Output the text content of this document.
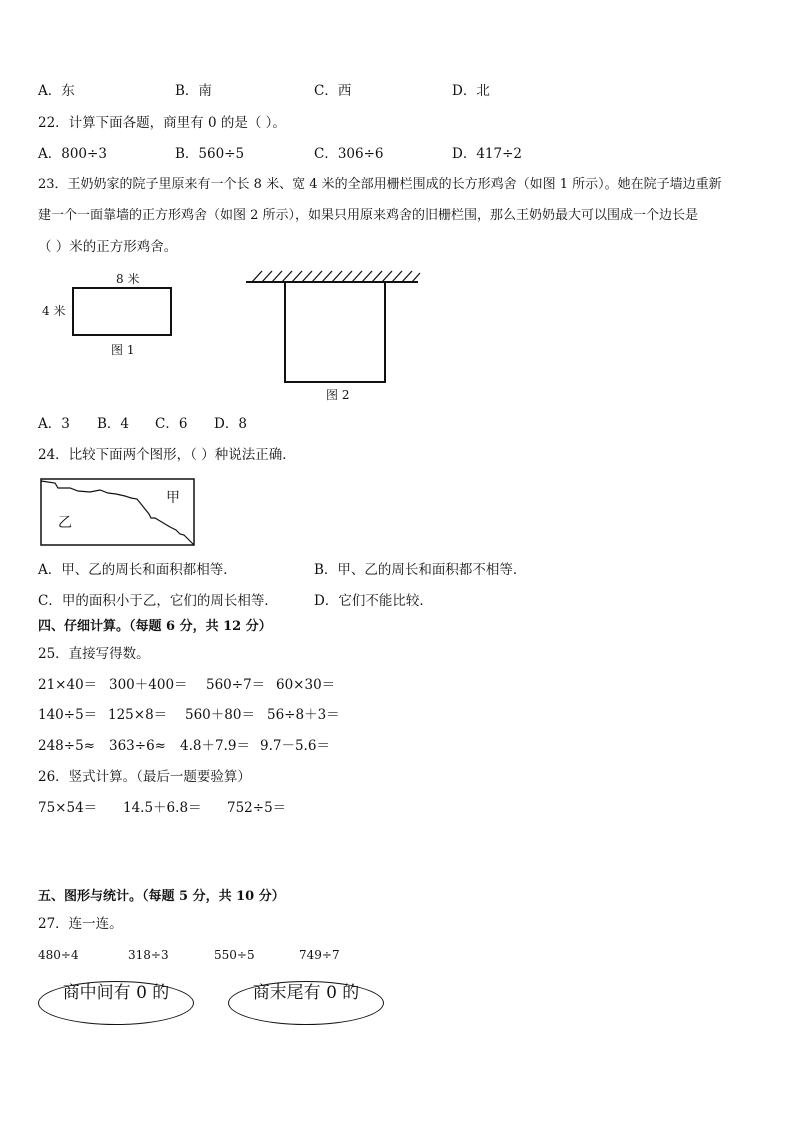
A．东	B．南	C．西	D．北
22．计算下面各题，商里有 0 的是（ ）。
A．800÷3	B．560÷5	C．306÷6	D．417÷2
23．王奶奶家的院子里原来有一个长 8 米、宽 4 米的全部用栅栏围成的长方形鸡舍（如图 1 所示）。她在院子墙边重新
建一个一面靠墙的正方形鸡舍（如图 2 所示），如果只用原来鸡舍的旧栅栏围，那么王奶奶最大可以围成一个边长是
（ ）米的正方形鸡舍。
8 米
4 米
图 1
图 2
A．3 B．4 C．6 D．8
24．比较下面两个图形，（ ）种说法正确．
甲
乙
A．甲、乙的周长和面积都相等．	B．甲、乙的周长和面积都不相等．
C．甲的面积小于乙，它们的周长相等．	D．它们不能比较．
四、仔细计算。（每题 6 分，共 12 分）
25．直接写得数。
21×40＝ 300＋400＝ 560÷7＝ 60×30＝
140÷5＝ 125×8＝ 560＋80＝ 56÷8＋3＝
248÷5≈ 363÷6≈ 4.8＋7.9＝ 9.7－5.6＝
26．竖式计算。（最后一题要验算）
75×54＝ 14.5＋6.8＝ 752÷5＝
五、图形与统计。（每题 5 分，共 10 分）
27．连一连。
480÷4	318÷3	550÷5	749÷7
商中间有 0 的	商末尾有 0 的
